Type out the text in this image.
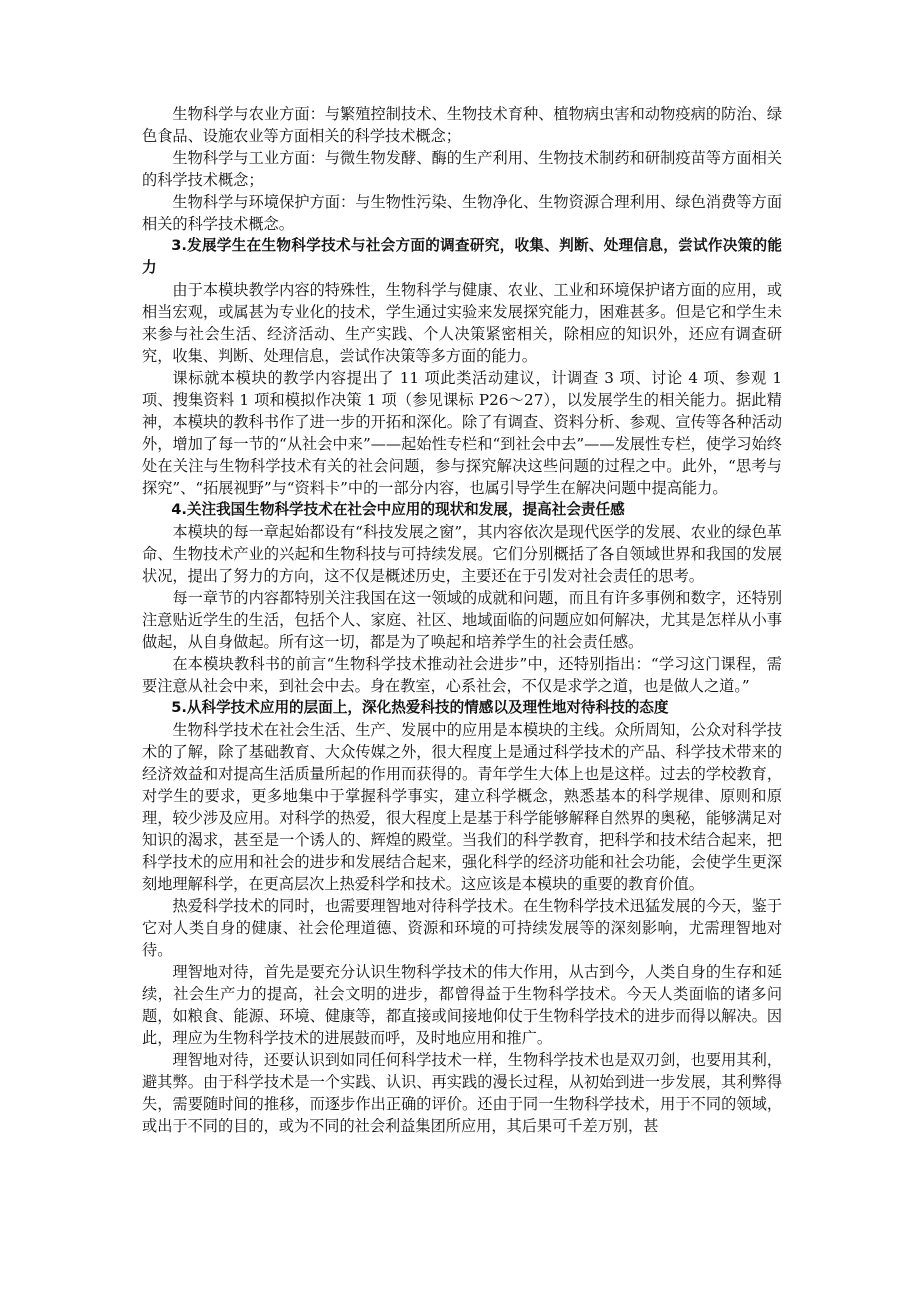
生物科学与农业方面：与繁殖控制技术、生物技术育种、植物病虫害和动物疫病的防治、绿色食品、设施农业等方面相关的科学技术概念；

生物科学与工业方面：与微生物发酵、酶的生产利用、生物技术制药和研制疫苗等方面相关的科学技术概念；

生物科学与环境保护方面：与生物性污染、生物净化、生物资源合理利用、绿色消费等方面相关的科学技术概念。

3.发展学生在生物科学技术与社会方面的调查研究，收集、判断、处理信息，尝试作决策的能力

由于本模块教学内容的特殊性，生物科学与健康、农业、工业和环境保护诸方面的应用，或相当宏观，或属甚为专业化的技术，学生通过实验来发展探究能力，困难甚多。但是它和学生未来参与社会生活、经济活动、生产实践、个人决策紧密相关，除相应的知识外，还应有调查研究，收集、判断、处理信息，尝试作决策等多方面的能力。

课标就本模块的教学内容提出了 11 项此类活动建议，计调查 3 项、讨论 4 项、参观 1 项、搜集资料 1 项和模拟作决策 1 项（参见课标 P26～27），以发展学生的相关能力。据此精神，本模块的教科书作了进一步的开拓和深化。除了有调查、资料分析、参观、宣传等各种活动外，增加了每一节的“从社会中来”——起始性专栏和“到社会中去”——发展性专栏，使学习始终处在关注与生物科学技术有关的社会问题，参与探究解决这些问题的过程之中。此外，“思考与探究”、“拓展视野”与“资料卡”中的一部分内容，也属引导学生在解决问题中提高能力。

4.关注我国生物科学技术在社会中应用的现状和发展，提高社会责任感

本模块的每一章起始都设有“科技发展之窗”，其内容依次是现代医学的发展、农业的绿色革命、生物技术产业的兴起和生物科技与可持续发展。它们分别概括了各自领域世界和我国的发展状况，提出了努力的方向，这不仅是概述历史，主要还在于引发对社会责任的思考。

每一章节的内容都特别关注我国在这一领域的成就和问题，而且有许多事例和数字，还特别注意贴近学生的生活，包括个人、家庭、社区、地域面临的问题应如何解决，尤其是怎样从小事做起，从自身做起。所有这一切，都是为了唤起和培养学生的社会责任感。

在本模块教科书的前言“生物科学技术推动社会进步”中，还特别指出：“学习这门课程，需要注意从社会中来，到社会中去。身在教室，心系社会，不仅是求学之道，也是做人之道。”

5.从科学技术应用的层面上，深化热爱科技的情感以及理性地对待科技的态度

生物科学技术在社会生活、生产、发展中的应用是本模块的主线。众所周知，公众对科学技术的了解，除了基础教育、大众传媒之外，很大程度上是通过科学技术的产品、科学技术带来的经济效益和对提高生活质量所起的作用而获得的。青年学生大体上也是这样。过去的学校教育，对学生的要求，更多地集中于掌握科学事实，建立科学概念，熟悉基本的科学规律、原则和原理，较少涉及应用。对科学的热爱，很大程度上是基于科学能够解释自然界的奥秘，能够满足对知识的渴求，甚至是一个诱人的、辉煌的殿堂。当我们的科学教育，把科学和技术结合起来，把科学技术的应用和社会的进步和发展结合起来，强化科学的经济功能和社会功能，会使学生更深刻地理解科学，在更高层次上热爱科学和技术。这应该是本模块的重要的教育价值。

热爱科学技术的同时，也需要理智地对待科学技术。在生物科学技术迅猛发展的今天，鉴于它对人类自身的健康、社会伦理道德、资源和环境的可持续发展等的深刻影响，尤需理智地对待。

理智地对待，首先是要充分认识生物科学技术的伟大作用，从古到今，人类自身的生存和延续，社会生产力的提高，社会文明的进步，都曾得益于生物科学技术。今天人类面临的诸多问题，如粮食、能源、环境、健康等，都直接或间接地仰仗于生物科学技术的进步而得以解决。因此，理应为生物科学技术的进展鼓而呼，及时地应用和推广。

理智地对待，还要认识到如同任何科学技术一样，生物科学技术也是双刃剑，也要用其利，避其弊。由于科学技术是一个实践、认识、再实践的漫长过程，从初始到进一步发展，其利弊得失，需要随时间的推移，而逐步作出正确的评价。还由于同一生物科学技术，用于不同的领域，或出于不同的目的，或为不同的社会利益集团所应用，其后果可千差万别，甚
